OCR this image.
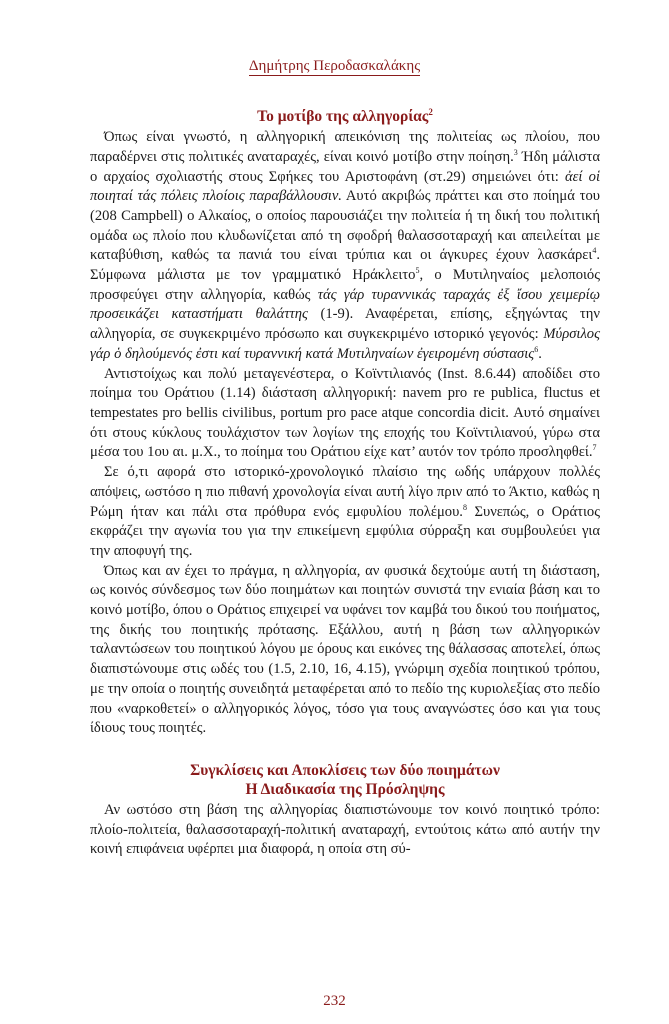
Δημήτρης Περοδασκαλάκης
Το μοτίβο της αλληγορίας$^2$

Όπως είναι γνωστό, η αλληγορική απεικόνιση της πολιτείας ως πλοίου, που παραδέρνει στις πολιτικές αναταραχές, είναι κοινό μοτίβο στην ποίηση.$^3$ Ήδη μάλιστα ο αρχαίος σχολιαστής στους Σφήκες του Αριστοφάνη (στ.29) σημειώνει ότι: ἀεί οἱ ποιηταί τάς πόλεις πλοίοις παραβάλλουσιν. Αυτό ακριβώς πράττει και στο ποίημά του (208 Campbell) ο Αλκαίος, ο οποίος παρουσιάζει την πολιτεία ή τη δική του πολιτική ομάδα ως πλοίο που κλυδωνίζεται από τη σφοδρή θαλασσοταραχή και απειλείται με καταβύθιση, καθώς τα πανιά του είναι τρύπια και οι άγκυρες έχουν λασκάρει$^4$. Σύμφωνα μάλιστα με τον γραμματικό Ηράκλειτο$^5$, ο Μυτιληναίος μελοποιός προσφεύγει στην αλληγορία, καθώς τάς γάρ τυραννικάς ταραχάς ἐξ ἴσου χειμερίῳ προσεικάζει καταστήματι θαλάττης (1-9). Αναφέρεται, επίσης, εξηγώντας την αλληγορία, σε συγκεκριμένο πρόσωπο και συγκεκριμένο ιστορικό γεγονός: Μύρσιλος γάρ ὁ δηλούμενός ἐστι καί τυραννική κατά Μυτιληναίων ἐγειρομένη σύστασις$^6$.

Αντιστοίχως και πολύ μεταγενέστερα, ο Κοϊντιλιανός (Inst. 8.6.44) αποδίδει στο ποίημα του Οράτιου (1.14) διάσταση αλληγορική: navem pro re publica, fluctus et tempestates pro bellis civilibus, portum pro pace atque concordia dicit. Αυτό σημαίνει ότι στους κύκλους τουλάχιστον των λογίων της εποχής του Κοϊντιλιανού, γύρω στα μέσα του 1ου αι. μ.Χ., το ποίημα του Οράτιου είχε κατ’ αυτόν τον τρόπο προσληφθεί.$^7$

Σε ό,τι αφορά στο ιστορικό-χρονολογικό πλαίσιο της ωδής υπάρχουν πολλές απόψεις, ωστόσο η πιο πιθανή χρονολογία είναι αυτή λίγο πριν από το Άκτιο, καθώς η Ρώμη ήταν και πάλι στα πρόθυρα ενός εμφυλίου πολέμου.$^8$ Συνεπώς, ο Οράτιος εκφράζει την αγωνία του για την επικείμενη εμφύλια σύρραξη και συμβουλεύει για την αποφυγή της.

Όπως και αν έχει το πράγμα, η αλληγορία, αν φυσικά δεχτούμε αυτή τη διάσταση, ως κοινός σύνδεσμος των δύο ποιημάτων και ποιητών συνιστά την ενιαία βάση και το κοινό μοτίβο, όπου ο Οράτιος επιχειρεί να υφάνει τον καμβά του δικού του ποιήματος, της δικής του ποιητικής πρότασης. Εξάλλου, αυτή η βάση των αλληγορικών ταλαντώσεων του ποιητικού λόγου με όρους και εικόνες της θάλασσας αποτελεί, όπως διαπιστώνουμε στις ωδές του (1.5, 2.10, 16, 4.15), γνώριμη σχεδία ποιητικού τρόπου, με την οποία ο ποιητής συνειδητά μεταφέρεται από το πεδίο της κυριολεξίας στο πεδίο που «ναρκοθετεί» ο αλληγορικός λόγος, τόσο για τους αναγνώστες όσο και για τους ίδιους τους ποιητές.

Συγκλίσεις και Αποκλίσεις των δύο ποιημάτων
Η Διαδικασία της Πρόσληψης

Αν ωστόσο στη βάση της αλληγορίας διαπιστώνουμε τον κοινό ποιητικό τρόπο: πλοίο-πολιτεία, θαλασσοταραχή-πολιτική αναταραχή, εντούτοις κάτω από αυτήν την κοινή επιφάνεια υφέρπει μια διαφορά, η οποία στη σύ-

232
